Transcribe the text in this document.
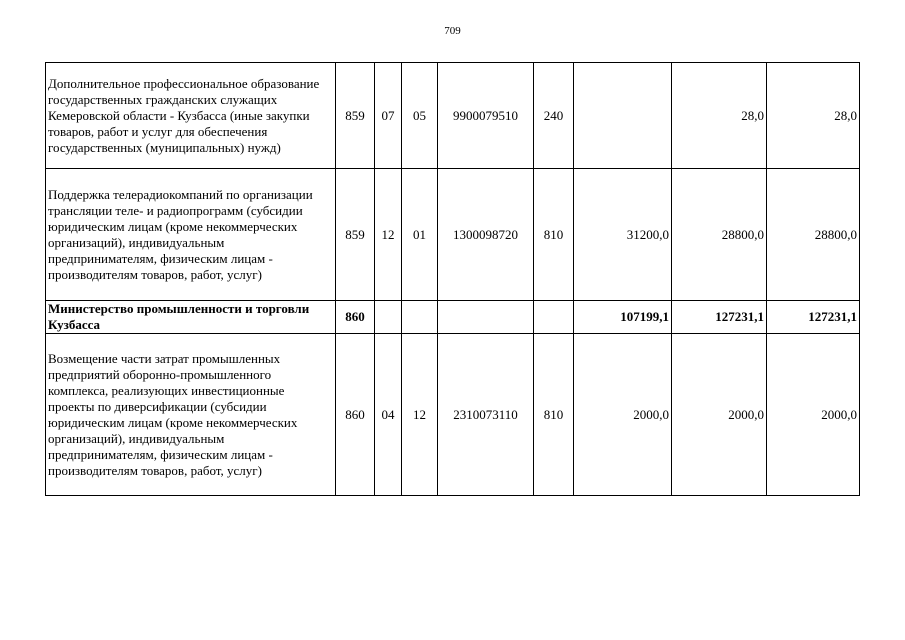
709
Дополнительное профессиональное образование государственных гражданских служащих Кемеровской области - Кузбасса (иные закупки товаров, работ и услуг для обеспечения государственных (муниципальных) нужд)	859	07	05	9900079510	240		28,0	28,0
Поддержка телерадиокомпаний по организации трансляции теле- и радиопрограмм (субсидии юридическим лицам (кроме некоммерческих организаций), индивидуальным предпринимателям, физическим лицам - производителям товаров, работ, услуг)	859	12	01	1300098720	810	31200,0	28800,0	28800,0
Министерство промышленности и торговли Кузбасса	860					107199,1	127231,1	127231,1
Возмещение части затрат промышленных предприятий оборонно-промышленного комплекса, реализующих инвестиционные проекты по диверсификации (субсидии юридическим лицам (кроме некоммерческих организаций), индивидуальным предпринимателям, физическим лицам - производителям товаров, работ, услуг)	860	04	12	2310073110	810	2000,0	2000,0	2000,0
